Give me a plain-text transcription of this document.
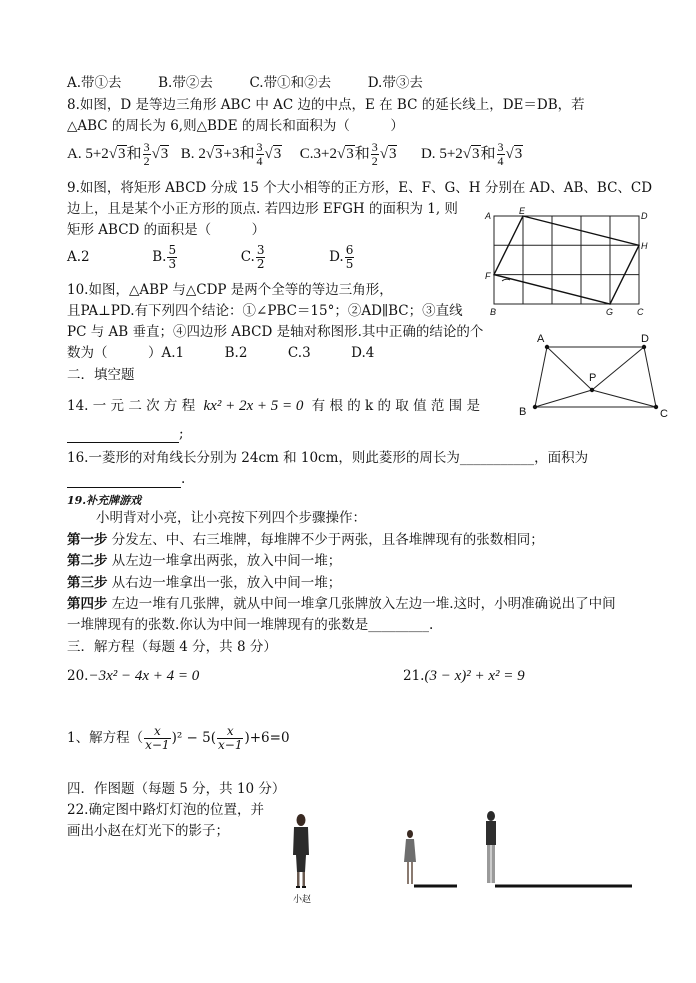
A.带①去	B.带②去	C.带①和②去	D.带③去
8.如图，D 是等边三角形 ABC 中 AC 边的中点，E 在 BC 的延长线上，DE＝DB，若
△ABC 的周长为 6,则△BDE 的周长和面积为（　　　）
A. 5+2√3和 $\frac{3}{2} √3$ B. 2√3+3和 $\frac{3}{4} √3$ C.3+2√3和 $\frac{3}{2} √3$ D. 5+2√3和 $\frac{3}{4} √3$
9.如图，将矩形 ABCD 分成 15 个大小相等的正方形，E、F、G、H 分别在 AD、AB、BC、CD
边上，且是某个小正方形的顶点. 若四边形 EFGH 的面积为 1, 则
矩形 ABCD 的面积是（　　　）
A.2	B. $\frac{5}{3}$	C. $\frac{3}{2}$	D. $\frac{6}{5}$
A	E	D
H
F
B	G	C
10.如图，△ABP 与△CDP 是两个全等的等边三角形，
且PA⊥PD.有下列四个结论：①∠PBC＝15°；②AD∥BC；③直线
PC 与 AB 垂直；④四边形 ABCD 是轴对称图形.其中正确的结论的个
数为（　　　）A.1　　　B.2　　　C.3　　　D.4
A	D
P
B	C
二．填空题
14. 一 元 二 次 方 程 kx² + 2x + 5 = 0 有 根 的 k 的 取 值 范 围 是
;
16.一菱形的对角线长分别为 24cm 和 10cm，则此菱形的周长为___________，面积为
.
19.补充牌游戏
小明背对小亮，让小亮按下列四个步骤操作：
第一步 分发左、中、右三堆牌，每堆牌不少于两张，且各堆牌现有的张数相同；
第二步 从左边一堆拿出两张，放入中间一堆；
第三步 从右边一堆拿出一张，放入中间一堆；
第四步 左边一堆有几张牌，就从中间一堆拿几张牌放入左边一堆.这时，小明准确说出了中间
一堆牌现有的张数.你认为中间一堆牌现有的张数是_________.
三．解方程（每题 4 分，共 8 分）
20.−3x² − 4x + 4 = 0	21.(3 − x)² + x² = 9
1、解方程（ $\frac{x}{x-1} )^2 - 5( \frac{x}{x-1} )+6=0$
四．作图题（每题 5 分，共 10 分）
22.确定图中路灯灯泡的位置，并
画出小赵在灯光下的影子；
小赵
